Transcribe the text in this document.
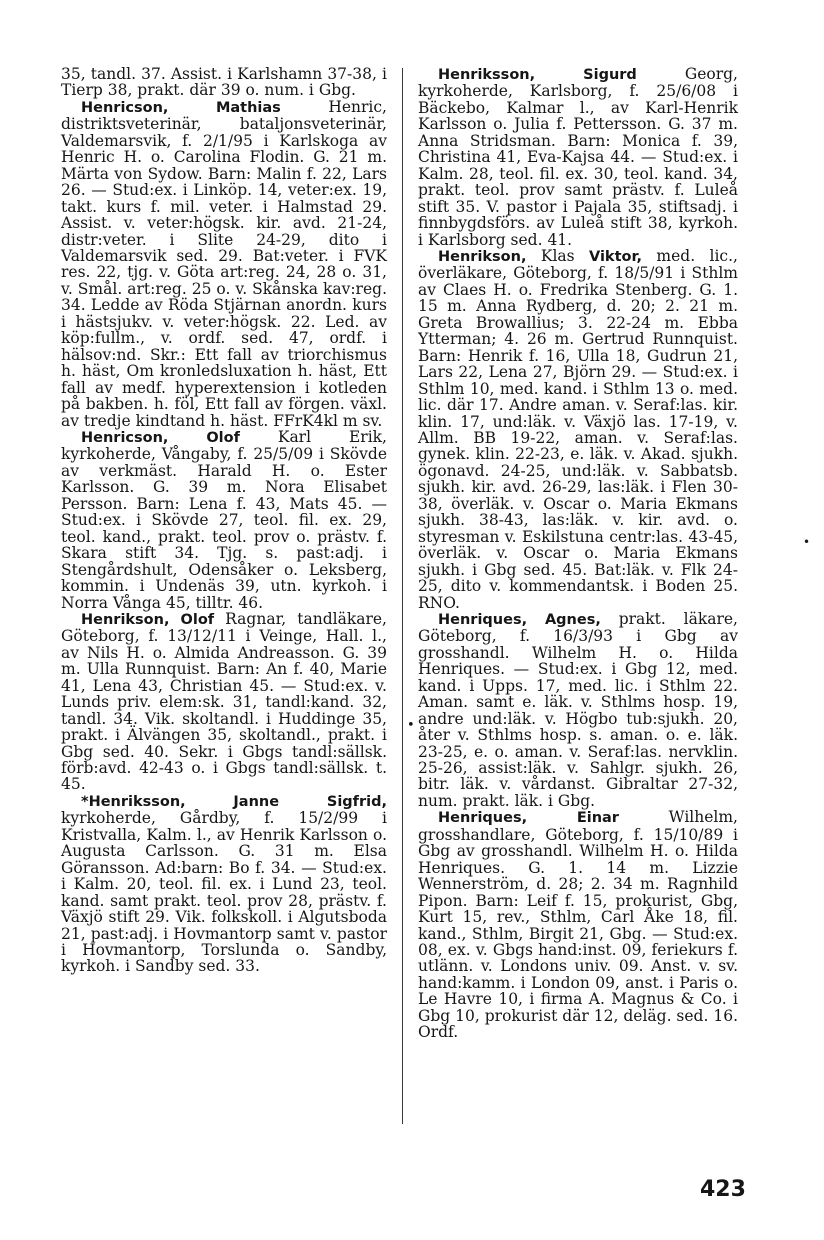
35, tandl. 37. Assist. i Karlshamn 37-38, i Tierp 38, prakt. där 39 o. num. i Gbg.

Henricson,	Mathias	Henric, distriktsveterinär, bataljonsveterinär, Valdemarsvik, f. 2/1/95 i Karlskoga av Henric H. o. Carolina Flodin. G. 21 m. Märta von Sydow. Barn: Malin f. 22, Lars 26. — Stud:ex. i Linköp. 14, veter:ex. 19, takt. kurs f. mil. veter. i Halmstad 29. Assist. v. veter:högsk. kir. avd. 21-24, distr:veter. i Slite 24-29, dito i Valdemarsvik sed. 29. Bat:veter. i FVK res. 22, tjg. v. Göta art:reg. 24, 28 o. 31, v. Smål. art:reg. 25 o. v. Skånska kav:reg. 34. Ledde av Röda Stjärnan anordn. kurs i hästsjukv. v. veter:högsk. 22. Led. av köp:fullm., v. ordf. sed. 47, ordf. i hälsov:nd. Skr.: Ett fall av triorchismus h. häst, Om kronledsluxation h. häst, Ett fall av medf. hyperextension i kotleden på bakben. h. föl, Ett fall av förgen. växl. av tredje kindtand h. häst. FFrK4kl m sv.

Henricson,	Olof Karl Erik, kyrkoherde, Vångaby, f. 25/5/09 i Skövde av verkmäst. Harald H. o. Ester Karlsson. G. 39 m. Nora Elisabet Persson. Barn: Lena f. 43, Mats 45. — Stud:ex. i Skövde 27, teol. fil. ex. 29, teol. kand., prakt. teol. prov o. prästv. f. Skara stift 34. Tjg. s. past:adj. i Stengårdshult, Odensåker o. Leksberg, kommin. i Undenäs 39, utn. kyrkoh. i Norra Vånga 45, tilltr. 46.

Henrikson, Olof Ragnar, tandläkare, Göteborg, f. 13/12/11 i Veinge, Hall. l., av Nils H. o. Almida Andreasson. G. 39 m. Ulla Runnquist. Barn: An f. 40, Marie 41, Lena 43, Christian 45. — Stud:ex. v. Lunds priv. elem:sk. 31, tandl:kand. 32, tandl. 34. Vik. skoltandl. i Huddinge 35, prakt. i Älvängen 35, skoltandl., prakt. i Gbg sed. 40. Sekr. i Gbgs tandl:sällsk. förb:avd. 42-43 o. i Gbgs tandl:sällsk. t. 45.

*Henriksson,	Janne Sigfrid, kyrkoherde, Gårdby, f. 15/2/99 i Kristvalla, Kalm. l., av Henrik Karlsson o. Augusta Carlsson. G. 31 m. Elsa Göransson. Ad:barn: Bo f. 34. — Stud:ex. i Kalm. 20, teol. fil. ex. i Lund 23, teol. kand. samt prakt. teol. prov 28, prästv. f. Växjö stift 29. Vik. folkskoll. i Algutsboda 21, past:adj. i Hovmantorp samt v. pastor i Hovmantorp, Torslunda o. Sandby, kyrkoh. i Sandby sed. 33.

•
•

Henriksson,	Sigurd	Georg, kyrkoherde, Karlsborg, f. 25/6/08 i Bäckebo, Kalmar l., av Karl-Henrik Karlsson o. Julia f. Pettersson. G. 37 m. Anna Stridsman. Barn: Monica f. 39, Christina 41, Eva-Kajsa 44. — Stud:ex. i Kalm. 28, teol. fil. ex. 30, teol. kand. 34, prakt. teol. prov samt prästv. f. Luleå stift 35. V. pastor i Pajala 35, stiftsadj. i finnbygdsförs. av Luleå stift 38, kyrkoh. i Karlsborg sed. 41.

Henrikson, Klas Viktor, med. lic., överläkare, Göteborg, f. 18/5/91 i Sthlm av Claes H. o. Fredrika Stenberg. G. 1. 15 m. Anna Rydberg, d. 20; 2. 21 m. Greta Browallius; 3. 22-24 m. Ebba Ytterman; 4. 26 m. Gertrud Runnquist. Barn: Henrik f. 16, Ulla 18, Gudrun 21, Lars 22, Lena 27, Björn 29. — Stud:ex. i Sthlm 10, med. kand. i Sthlm 13 o. med. lic. där 17. Andre aman. v. Seraf:las. kir. klin. 17, und:läk. v. Växjö las. 17-19, v. Allm. BB 19-22, aman. v. Seraf:las. gynek. klin. 22-23, e. läk. v. Akad. sjukh. ögonavd. 24-25, und:läk. v. Sabbatsb. sjukh. kir. avd. 26-29, las:läk. i Flen 30-38, överläk. v. Oscar o. Maria Ekmans sjukh. 38-43, las:läk. v. kir. avd. o. styresman v. Eskilstuna centr:las. 43-45, överläk. v. Oscar o. Maria Ekmans sjukh. i Gbg sed. 45. Bat:läk. v. Flk 24-25, dito v. kommendantsk. i Boden 25. RNO.

Henriques, Agnes, prakt. läkare, Göteborg, f. 16/3/93 i Gbg av grosshandl. Wilhelm H. o. Hilda Henriques. — Stud:ex. i Gbg 12, med. kand. i Upps. 17, med. lic. i Sthlm 22. Aman. samt e. läk. v. Sthlms hosp. 19, andre und:läk. v. Högbo tub:sjukh. 20, åter v. Sthlms hosp. s. aman. o. e. läk. 23-25, e. o. aman. v. Seraf:las. nervklin. 25-26, assist:läk. v. Sahlgr. sjukh. 26, bitr. läk. v. vårdanst. Gibraltar 27-32, num. prakt. läk. i Gbg.

Henriques,	Einar	Wilhelm, grosshandlare, Göteborg, f. 15/10/89 i Gbg av grosshandl. Wilhelm H. o. Hilda Henriques. G. 1. 14 m. Lizzie Wennerström, d. 28; 2. 34 m. Ragnhild Pipon. Barn: Leif f. 15, prokurist, Gbg, Kurt 15, rev., Sthlm, Carl Åke 18, fil. kand., Sthlm, Birgit 21, Gbg. — Stud:ex. 08, ex. v. Gbgs hand:inst. 09, feriekurs f. utlänn. v. Londons univ. 09. Anst. v. sv. hand:kamm. i London 09, anst. i Paris o. Le Havre 10, i firma A. Magnus & Co. i Gbg 10, prokurist där 12, deläg. sed. 16. Ordf.

423
